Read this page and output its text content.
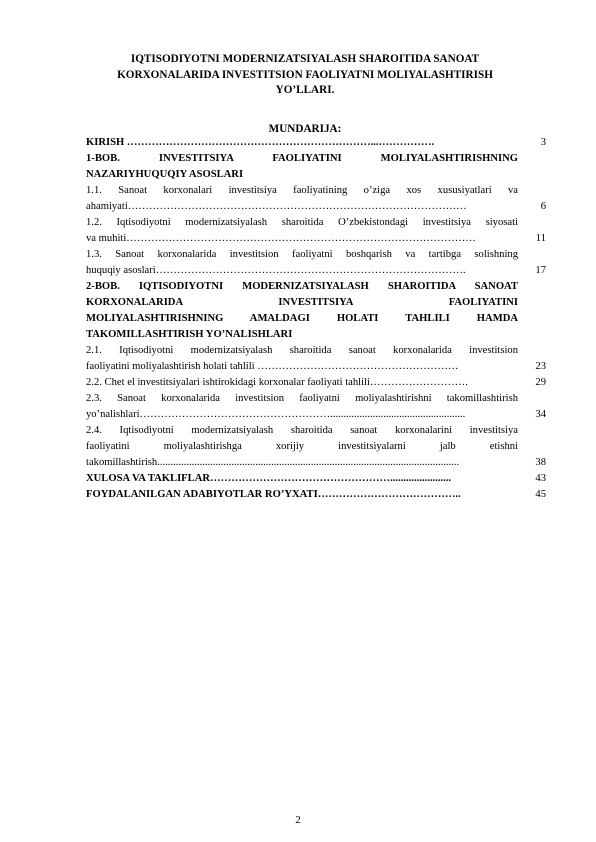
IQTISODIYOTNI MODERNIZATSIYALASH SHAROITIDA SANOAT
KORXONALARIDA INVESTITSION FAOLIYATNI MOLIYALASHTIRISH
YO’LLARI.
MUNDARIJA:
KIRISH ……………………………………………………………...…………….	3
1-BOB. INVESTITSIYA FAOLIYATINI MOLIYALASHTIRISHNING
NAZARIYHUQUQIY ASOSLARI
1.1. Sanoat korxonalari investitsiya faoliyatining o’ziga xos xususiyatlari va
ahamiyati……………………………………………………………………………………	6
1.2. Iqtisodiyotni modernizatsiyalash sharoitida O’zbekistondagi investitsiya siyosati
va muhiti………………………………………………………………………………………	11
1.3. Sanoat korxonalarida investitsion faoliyatni boshqarish va tartibga solishning
huquqiy asoslari…………………………………………………………………………….	17
2-BOB. IQTISODIYOTNI MODERNIZATSIYALASH SHAROITIDA SANOAT
KORXONALARIDA INVESTITSIYA FAOLIYATINI
MOLIYALASHTIRISHNING AMALDAGI HOLATI TAHLILI HAMDA
TAKOMILLASHTIRISH YO’NALISHLARI
2.1. Iqtisodiyotni modernizatsiyalash sharoitida sanoat korxonalarida investitsion
faoliyatini moliyalashtirish holati tahlili …………………………………………………	23
2.2. Chet el investitsiyalari ishtirokidagi korxonalar faoliyati tahlili……………………….	29
2.3. Sanoat korxonalarida investitsion faoliyatni moliyalashtirishni takomillashtirish
yo’nalishlari………………………………………………...................................................	34
2.4. Iqtisodiyotni modernizatsiyalash sharoitida sanoat korxonalarini investitsiya
faoliyatini moliyalashtirishga xorijiy investitsiyalarni jalb etishni
takomillashtirish..................................................................................................................	38
XULOSA VA TAKLIFLAR…………………………………………….......................	43
FOYDALANILGAN ADABIYOTLAR RO’YXATI…………………………………..	45
2
